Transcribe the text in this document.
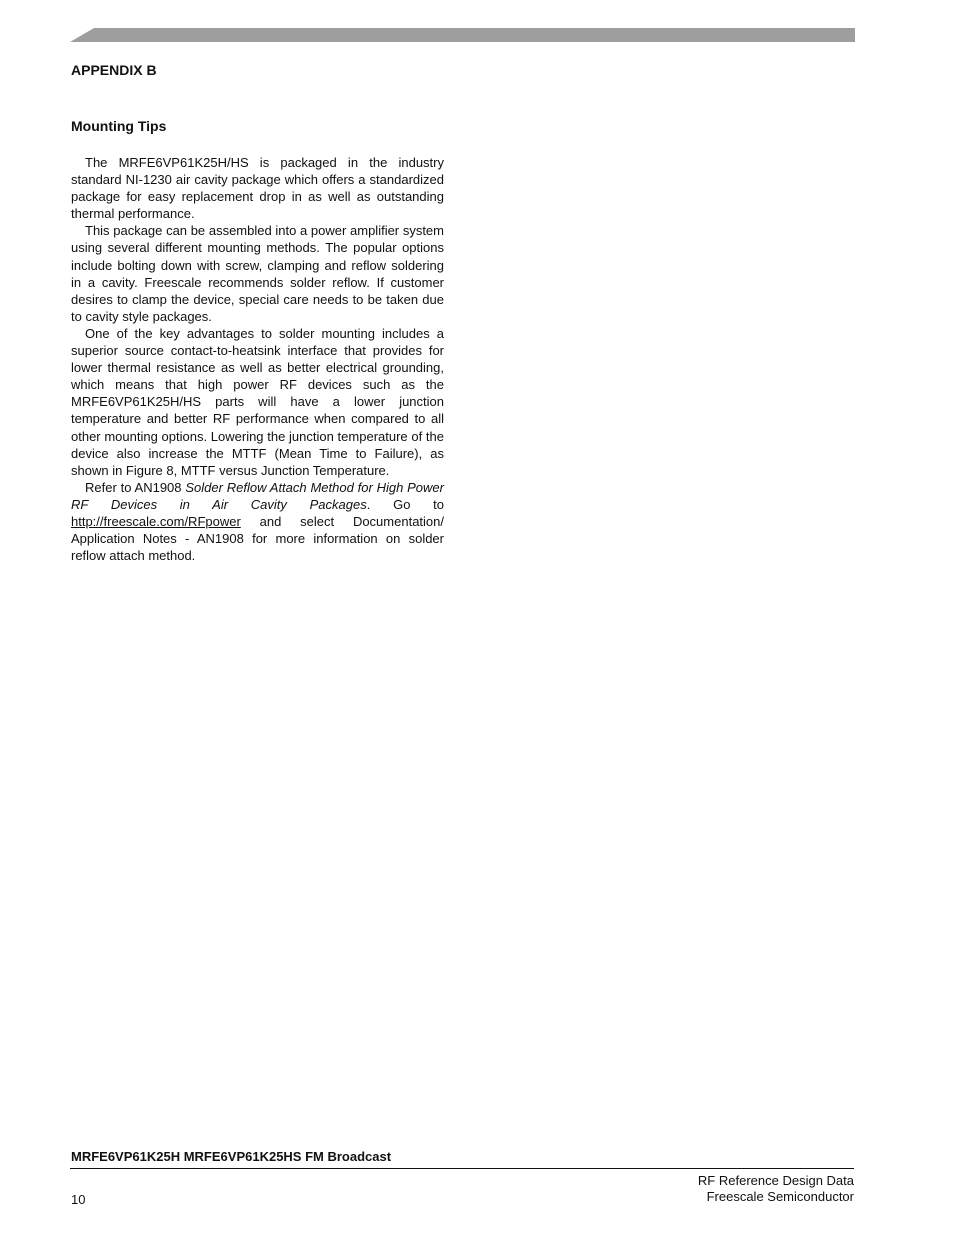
APPENDIX B
Mounting Tips

The MRFE6VP61K25H/HS is packaged in the industry standard NI-1230 air cavity package which offers a standardized package for easy replacement drop in as well as outstanding thermal performance.

This package can be assembled into a power amplifier system using several different mounting methods. The popular options include bolting down with screw, clamping and reflow soldering in a cavity. Freescale recommends solder reflow. If customer desires to clamp the device, special care needs to be taken due to cavity style packages.

One of the key advantages to solder mounting includes a superior source contact-to-heatsink interface that provides for lower thermal resistance as well as better electrical grounding, which means that high power RF devices such as the MRFE6VP61K25H/HS parts will have a lower junction temperature and better RF performance when compared to all other mounting options. Lowering the junction temperature of the device also increase the MTTF (Mean Time to Failure), as shown in Figure 8, MTTF versus Junction Temperature.

Refer to AN1908 Solder Reflow Attach Method for High Power RF Devices in Air Cavity Packages. Go to http://freescale.com/RFpower and select Documentation/ Application Notes - AN1908 for more information on solder reflow attach method.

MRFE6VP61K25H MRFE6VP61K25HS FM Broadcast
10
RF Reference Design Data
Freescale Semiconductor
